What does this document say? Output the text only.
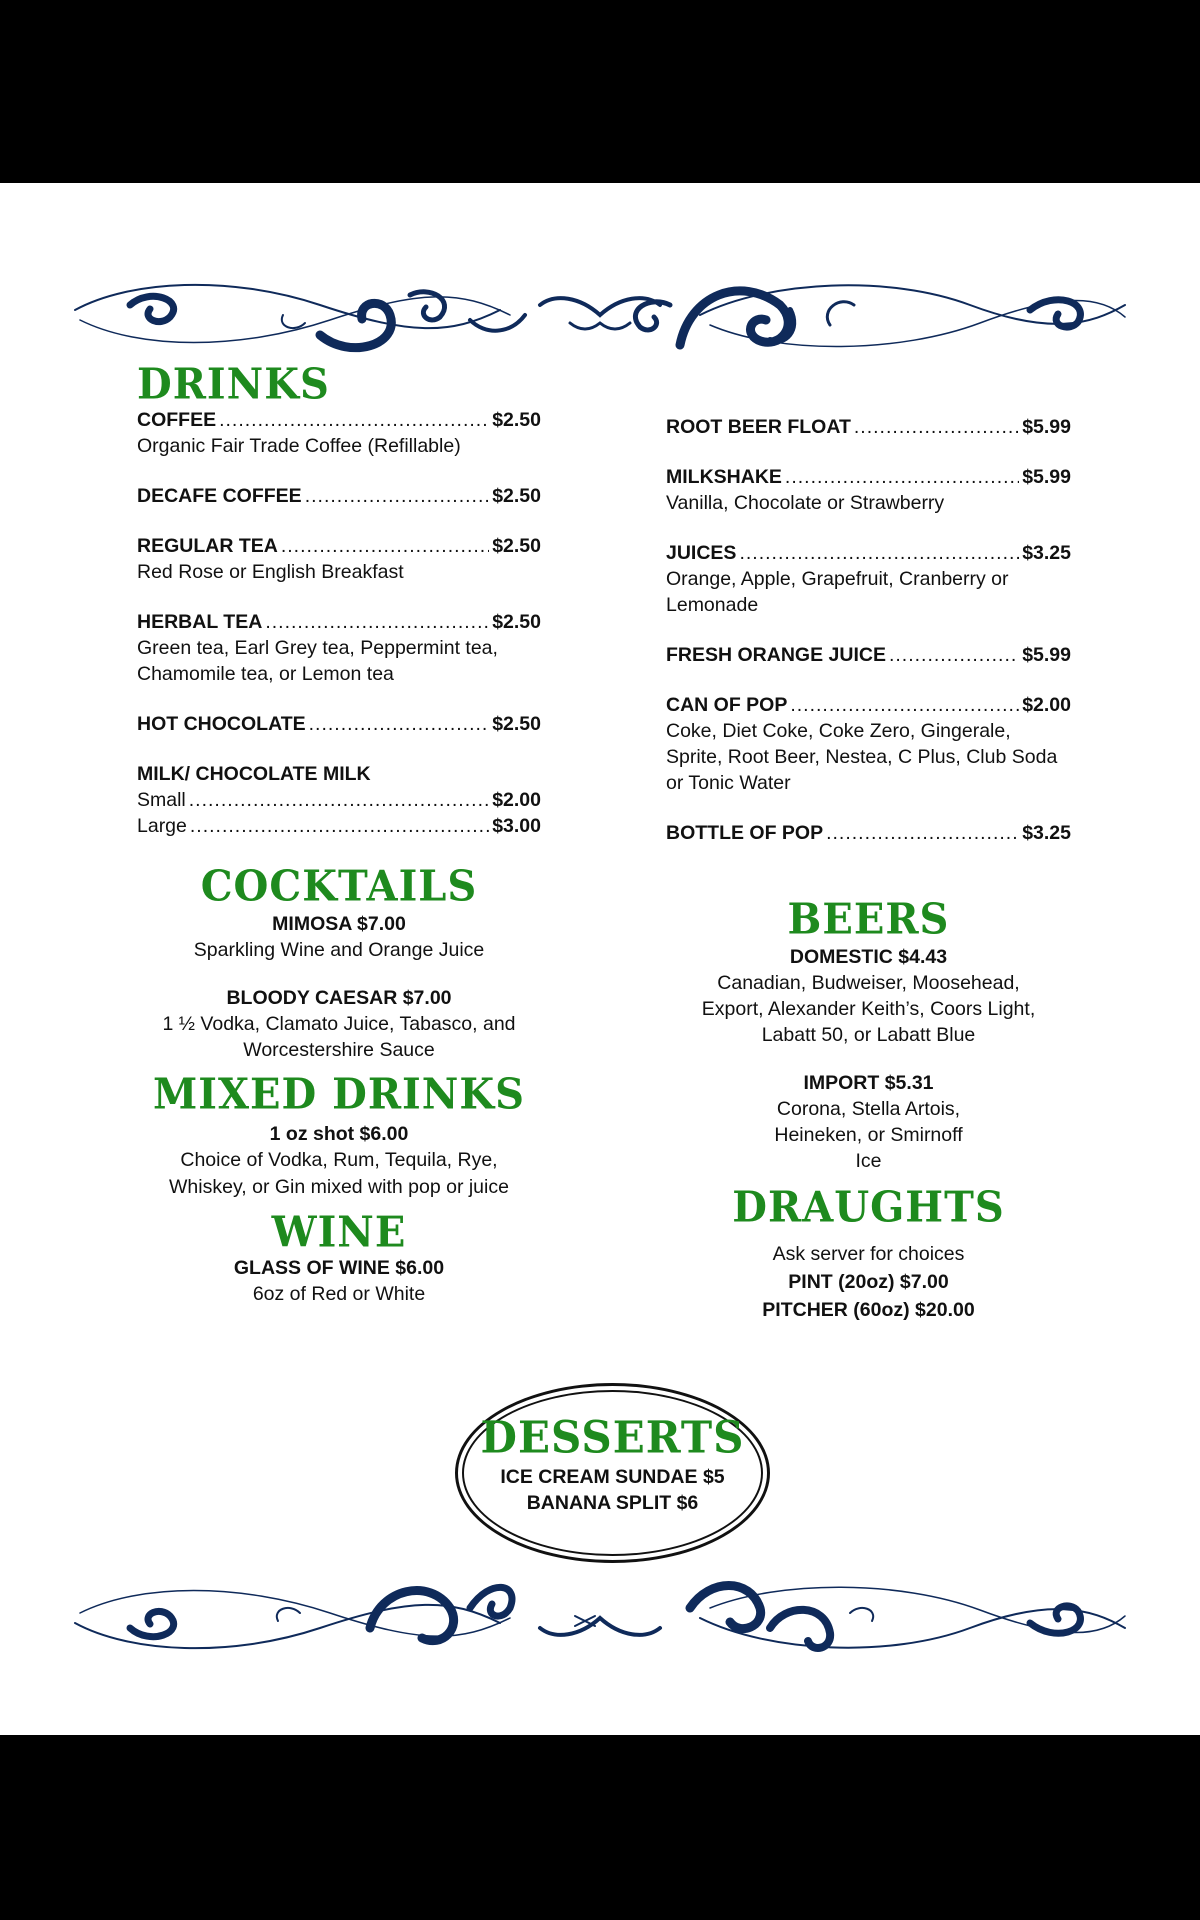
DRINKS
COFFEE .....	$2.50
Organic Fair Trade Coffee (Refillable)
DECAFE COFFEE .....	$2.50
REGULAR TEA .....	$2.50
Red Rose or English Breakfast
HERBAL TEA .....	$2.50
Green tea, Earl Grey tea, Peppermint tea, Chamomile tea, or Lemon tea
HOT CHOCOLATE .....	$2.50
MILK/ CHOCOLATE MILK
Small .....	$2.00
Large .....	$3.00
COCKTAILS
MIMOSA $7.00
Sparkling Wine and Orange Juice
BLOODY CAESAR $7.00
1 ½ Vodka, Clamato Juice, Tabasco, and Worcestershire Sauce
MIXED DRINKS
1 oz shot $6.00
Choice of Vodka, Rum, Tequila, Rye, Whiskey, or Gin mixed with pop or juice
WINE
GLASS OF WINE $6.00
6oz of Red or White
ROOT BEER FLOAT .....	$5.99
MILKSHAKE .....	$5.99
Vanilla, Chocolate or Strawberry
JUICES .....	$3.25
Orange, Apple, Grapefruit, Cranberry or Lemonade
FRESH ORANGE JUICE .....	$5.99
CAN OF POP .....	$2.00
Coke, Diet Coke, Coke Zero, Gingerale, Sprite, Root Beer, Nestea, C Plus, Club Soda or Tonic Water
BOTTLE OF POP .....	$3.25
BEERS
DOMESTIC $4.43
Canadian, Budweiser, Moosehead, Export, Alexander Keith’s, Coors Light, Labatt 50, or Labatt Blue
IMPORT $5.31
Corona, Stella Artois, Heineken, or Smirnoff Ice
DRAUGHTS
Ask server for choices
PINT (20oz) $7.00
PITCHER (60oz) $20.00
DESSERTS
ICE CREAM SUNDAE $5
BANANA SPLIT $6
